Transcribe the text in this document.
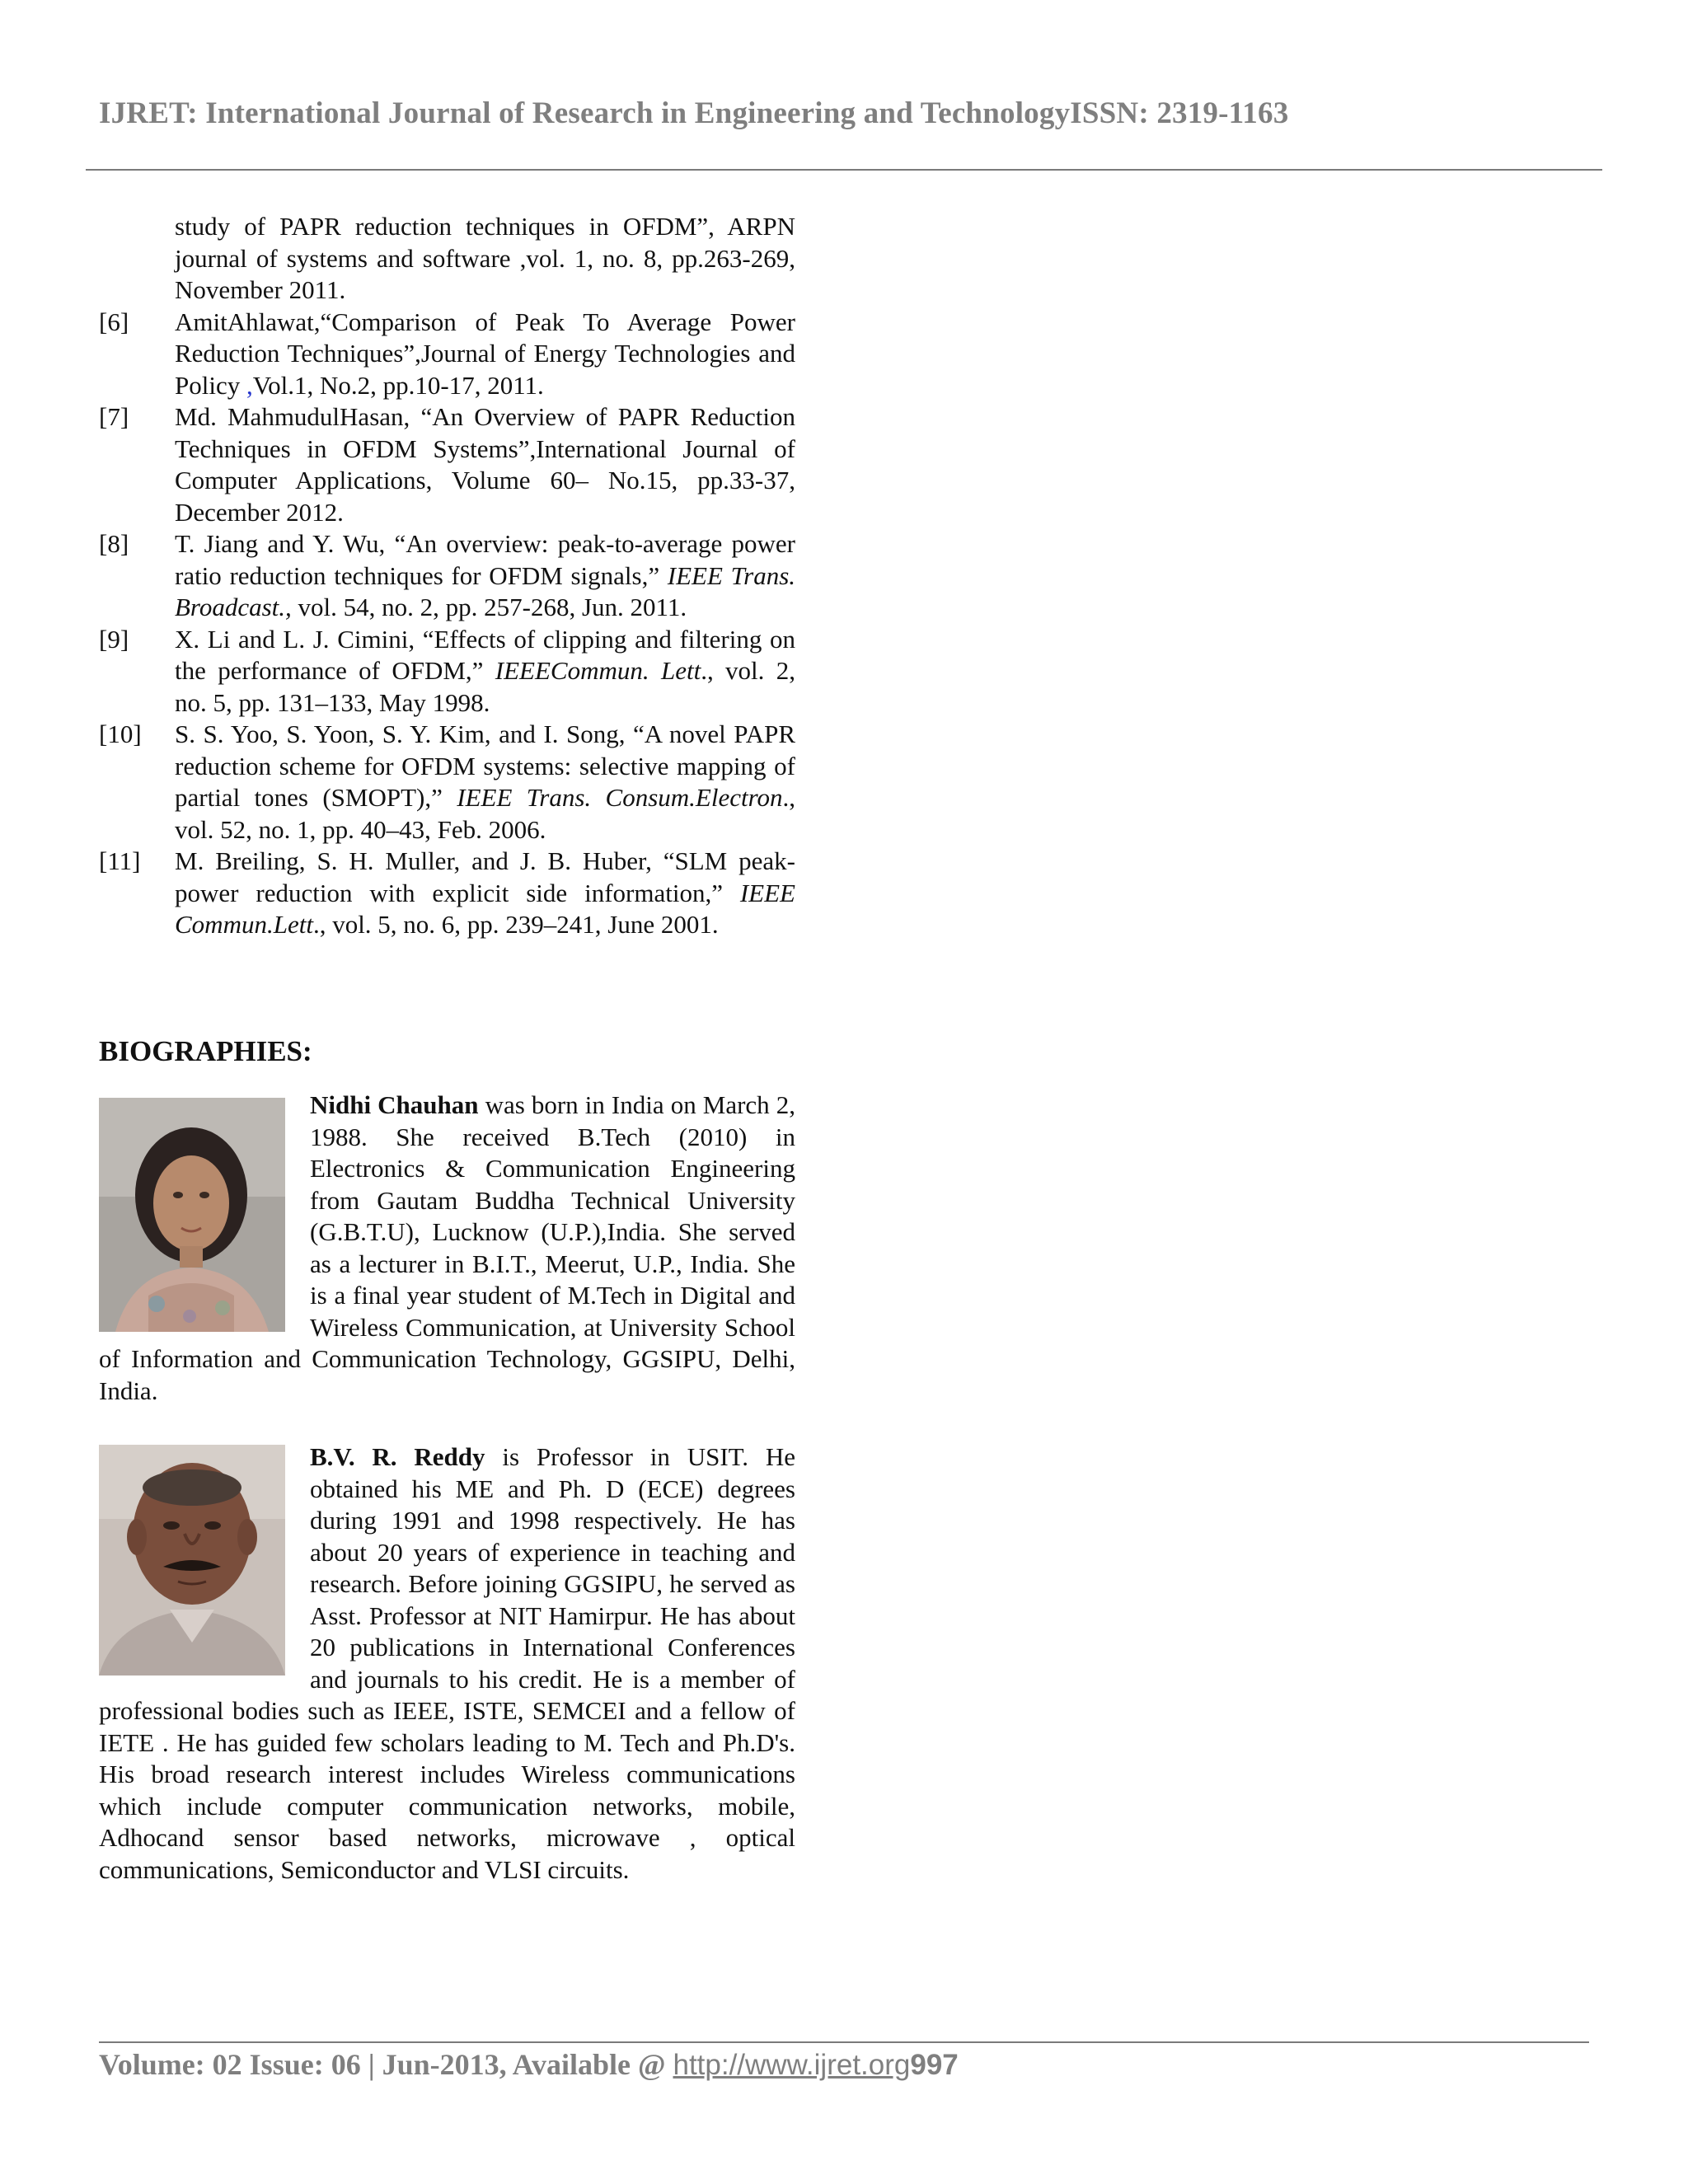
IJRET: International Journal of Research in Engineering and TechnologyISSN: 2319-1163
study of PAPR reduction techniques in OFDM”, ARPN journal of systems and software ,vol. 1, no. 8, pp.263-269, November 2011.
[6]	AmitAhlawat,“Comparison of Peak To Average Power Reduction Techniques”,Journal of Energy Technologies and Policy ,Vol.1, No.2, pp.10-17, 2011.
[7]	Md. MahmudulHasan, “An Overview of PAPR Reduction Techniques in OFDM Systems”,International Journal of Computer Applications, Volume 60– No.15, pp.33-37, December 2012.
[8]	T. Jiang and Y. Wu, “An overview: peak-to-average power ratio reduction techniques for OFDM signals,” IEEE Trans. Broadcast., vol. 54, no. 2, pp. 257-268, Jun. 2011.
[9]	X. Li and L. J. Cimini, “Effects of clipping and filtering on the performance of OFDM,” IEEECommun. Lett., vol. 2, no. 5, pp. 131–133, May 1998.
[10]	S. S. Yoo, S. Yoon, S. Y. Kim, and I. Song, “A novel PAPR reduction scheme for OFDM systems: selective mapping of partial tones (SMOPT),” IEEE Trans. Consum.Electron., vol. 52, no. 1, pp. 40–43, Feb. 2006.
[11]	M. Breiling, S. H. Muller, and J. B. Huber, “SLM peak-power reduction with explicit side information,” IEEE Commun.Lett., vol. 5, no. 6, pp. 239–241, June 2001.
BIOGRAPHIES:
Nidhi Chauhan was born in India on March 2, 1988. She received B.Tech (2010) in Electronics & Communication Engineering from Gautam Buddha Technical University (G.B.T.U), Lucknow (U.P.),India. She served as a lecturer in B.I.T., Meerut, U.P., India. She is a final year student of M.Tech in Digital and Wireless Communication, at University School of Information and Communication Technology, GGSIPU, Delhi, India.
B.V. R. Reddy is Professor in USIT. He obtained his ME and Ph. D (ECE) degrees during 1991 and 1998 respectively. He has about 20 years of experience in teaching and research. Before joining GGSIPU, he served as Asst. Professor at NIT Hamirpur. He has about 20 publications in International Conferences and journals to his credit. He is a member of professional bodies such as IEEE, ISTE, SEMCEI and a fellow of IETE . He has guided few scholars leading to M. Tech and Ph.D's. His broad research interest includes Wireless communications which include computer communication networks, mobile, Adhocand sensor based networks, microwave , optical communications, Semiconductor and VLSI circuits.
Volume: 02 Issue: 06 | Jun-2013, Available @ http://www.ijret.org997
